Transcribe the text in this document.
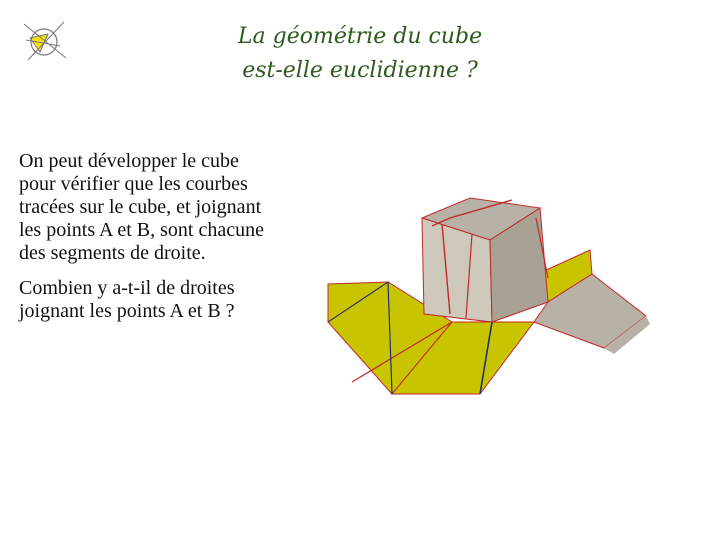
La géométrie du cube
est-elle euclidienne ?

On peut développer le cube pour vérifier que les courbes tracées sur le cube, et joignant les points A et B, sont chacune des segments de droite.

Combien y a-t-il de droites joignant les points A et B ?
